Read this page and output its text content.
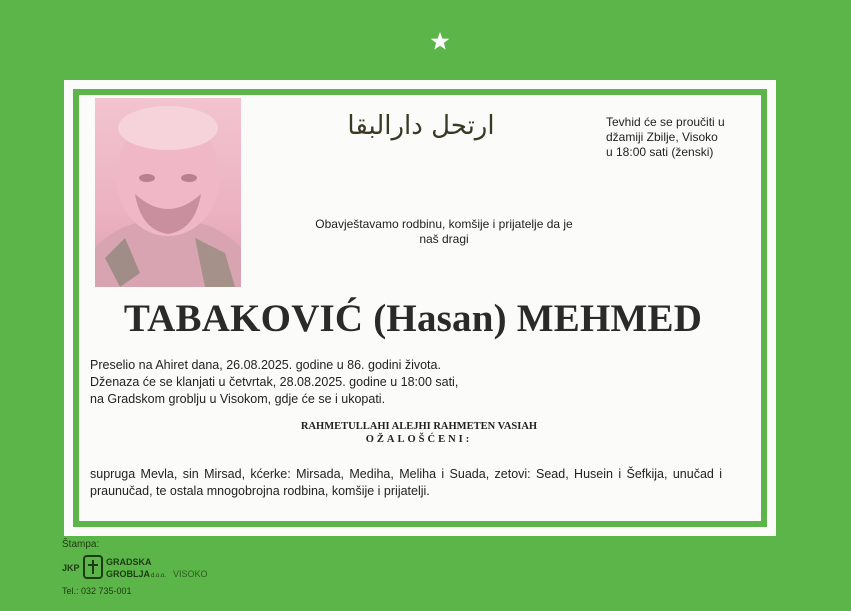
ارتحل دارالبقا	Tevhid će se proučiti u
džamiji Zbilje, Visoko
u 18:00 sati (ženski)
Obavještavamo rodbinu, komšije i prijatelje da je
naš dragi
TABAKOVIĆ (Hasan) MEHMED
Preselio na Ahiret dana, 26.08.2025. godine u 86. godini života.
Dženaza će se klanjati u četvrtak, 28.08.2025. godine u 18:00 sati,
na Gradskom groblju u Visokom, gdje će se i ukopati.
RAHMETULLAHI ALEJHI RAHMETEN VASIAH
OŽALOŠĆENI:
supruga Mevla, sin Mirsad, kćerke: Mirsada, Mediha, Meliha i Suada, zetovi: Sead, Husein i Šefkija, unučad i praunučad, te ostala mnogobrojna rodbina, komšije i prijatelji.
Štampa:
JKP
GRADSKA
GROBLJA d.o.o. VISOKO
Tel.: 032 735-001
